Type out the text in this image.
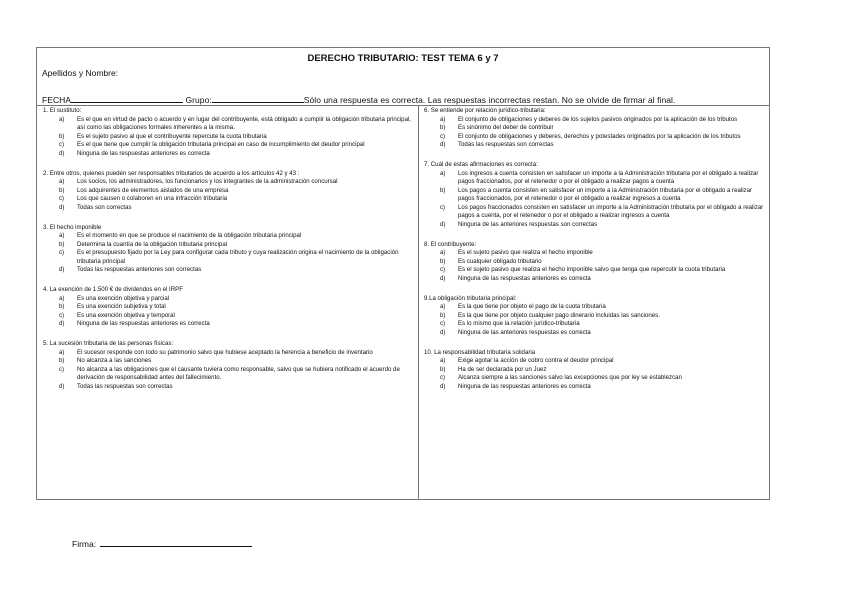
DERECHO TRIBUTARIO: TEST TEMA 6 y 7
Apellidos y Nombre:
FECHA	Grupo:	Sólo una respuesta es correcta. Las respuestas incorrectas restan. No se olvide de firmar al final.
1. El sustituto:
a)	Es el que en virtud de pacto o acuerdo y en lugar del contribuyente, está obligado a cumplir la obligación tributaria principal, así como las obligaciones formales inherentes a la misma.
b)	Es el sujeto pasivo al que el contribuyente repercute la cuota tributaria
c)	Es el que tiene que cumplir la obligación tributaria principal en caso de incumplimiento del deudor principal
d)	Ninguna de las respuestas anteriores es correcta
2. Entre otros, quienes pueden ser responsables tributarios de acuerdo a los artículos 42 y 43 :
a)	Los socios, los administradores, los funcionarios y los integrantes de la administración concursal
b)	Los adquirentes de elementos aislados de una empresa
c)	Los que causen o colaboren en una infracción tributaria
d)	Todas son correctas
3. El hecho imponible
a)	Es el momento en que se produce el nacimiento de la obligación tributaria principal
b)	Determina la cuantía de la obligación tributaria principal
c)	Es el presupuesto fijado por la Ley para configurar cada tributo y cuya realización origina el nacimiento de la obligación tributaria principal
d)	Todas las respuestas anteriores son correctas
4. La exención de 1.500 € de dividendos en el IRPF
a)	Es una exención objetiva y parcial
b)	Es una exención subjetiva y total
c)	Es una exención objetiva y temporal
d)	Ninguna de las respuestas anteriores es correcta
5. La sucesión tributaria de las personas físicas:
a)	El sucesor responde con todo su patrimonio salvo que hubiese aceptado la herencia a beneficio de inventario
b)	No alcanza a las sanciones
c)	No alcanza a las obligaciones que el causante tuviera como responsable, salvo que se hubiera notificado el acuerdo de derivación de responsabilidad antes del fallecimiento.
d)	Todas las respuestas son correctas
6. Se entiende por relación jurídico-tributaria:
a)	El conjunto de obligaciones y deberes de los sujetos pasivos originados por la aplicación de los tributos
b)	Es sinónimo del deber de contribuir
c)	El conjunto de obligaciones y deberes, derechos y potestades originados por la aplicación de los tributos
d)	Todas las respuestas son correctas
7. Cuál de estas afirmaciones es correcta:
a)	Los ingresos a cuenta consisten en satisfacer un importe a la Administración tributaria por el obligado a realizar pagos fraccionados, por el retenedor o por el obligado a realizar pagos a cuenta
b)	Los pagos a cuenta consisten en satisfacer un importe a la Administración tributaria por el obligado a realizar pagos fraccionados, por el retenedor o por el obligado a realizar ingresos a cuenta
c)	Los pagos fraccionados consisten en satisfacer un importe a la Administración tributaria por el obligado a realizar pagos a cuenta, por el retenedor o por el obligado a realizar ingresos a cuenta
d)	Ninguna de las anteriores respuestas son correctas
8. El contribuyente:
a)	Es el sujeto pasivo que realiza el hecho imponible
b)	Es cualquier obligado tributario
c)	Es el sujeto pasivo que realiza el hecho imponible salvo que tenga que repercutir la cuota tributaria
d)	Ninguna de las respuestas anteriores es correcta
9.La obligación tributaria principal:
a)	Es la que tiene por objeto el pago de la cuota tributaria
b)	Es la que tiene por objeto cualquier pago dinerario incluidas las sanciones.
c)	Es lo mismo que la relación jurídico-tributaria
d)	Ninguna de las anteriores respuestas es correcta
10. La responsabilidad tributaria solidaria
a)	Exige agotar la acción de cobro contra el deudor principal
b)	Ha de ser declarada por un Juez
c)	Alcanza siempre a las sanciones salvo las excepciones que por ley se establezcan
d)	Ninguna de las respuestas anteriores es correcta
Firma:
